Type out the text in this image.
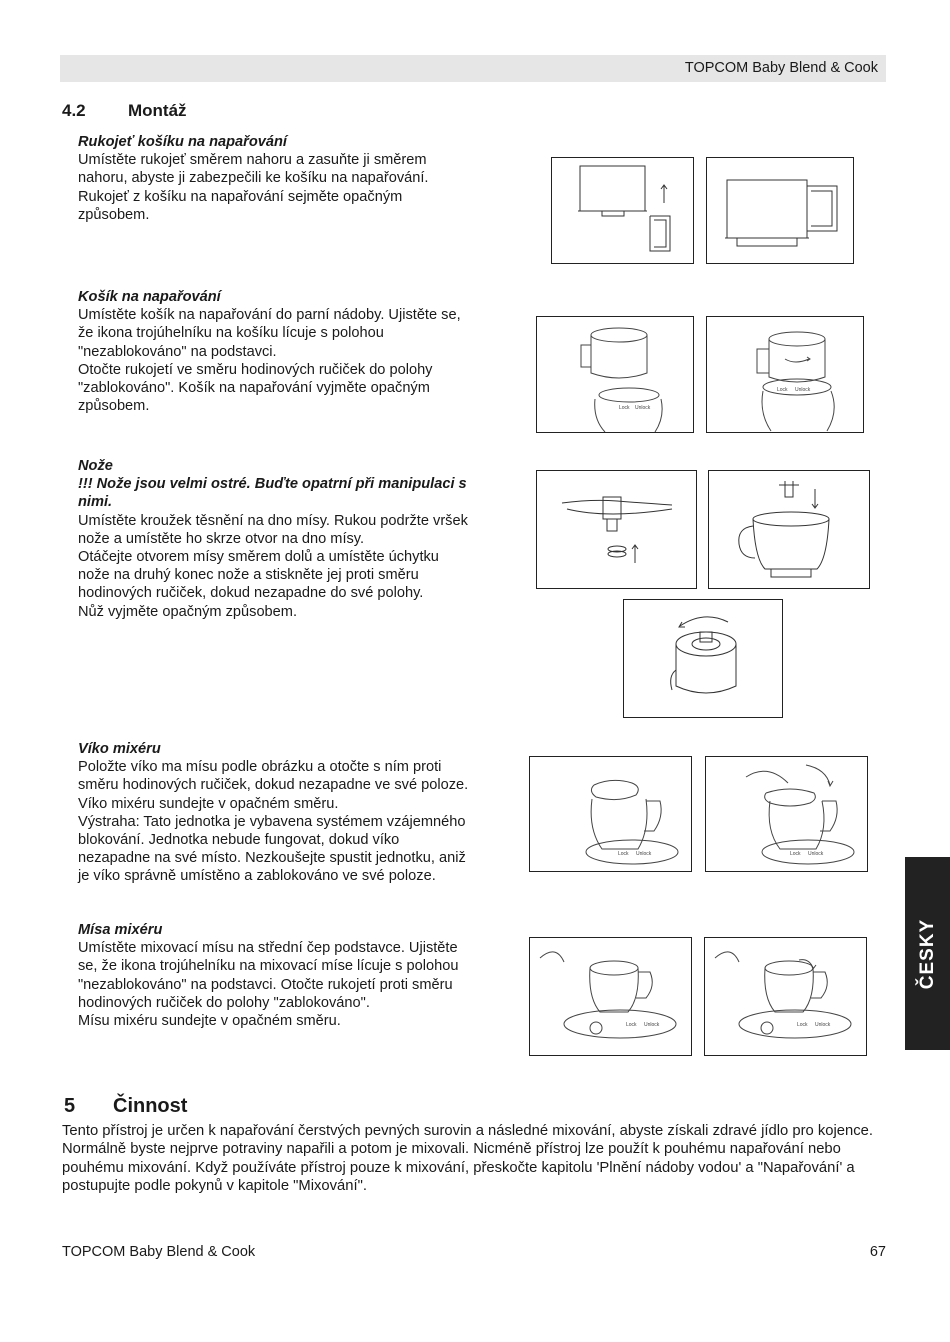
TOPCOM Baby Blend & Cook
4.2 Montáž
Rukojeť košíku na napařování

Umístěte rukojeť směrem nahoru a zasuňte ji směrem
nahoru, abyste ji zabezpečili ke košíku na napařování.
Rukojeť z košíku na napařování sejměte opačným
způsobem.

Košík na napařování

Umístěte košík na napařování do parní nádoby. Ujistěte se,
že ikona trojúhelníku na košíku lícuje s polohou
"nezablokováno" na podstavci.
Otočte rukojetí ve směru hodinových ručiček do polohy
"zablokováno". Košík na napařování vyjměte opačným
způsobem.

Nože

!!! Nože jsou velmi ostré. Buďte opatrní při manipulaci s
nimi.

Umístěte kroužek těsnění na dno mísy. Rukou podržte vršek
nože a umístěte ho skrze otvor na dno mísy.
Otáčejte otvorem mísy směrem dolů a umístěte úchytku
nože na druhý konec nože a stiskněte jej proti směru
hodinových ručiček, dokud nezapadne do své polohy.
Nůž vyjměte opačným způsobem.

Víko mixéru

Položte víko ma mísu podle obrázku a otočte s ním proti
směru hodinových ručiček, dokud nezapadne ve své poloze.
Víko mixéru sundejte v opačném směru.
Výstraha: Tato jednotka je vybavena systémem vzájemného
blokování. Jednotka nebude fungovat, dokud víko
nezapadne na své místo. Nezkoušejte spustit jednotku, aniž
je víko správně umístěno a zablokováno ve své poloze.

Mísa mixéru

Umístěte mixovací mísu na střední čep podstavce. Ujistěte
se, že ikona trojúhelníku na mixovací míse lícuje s polohou
"nezablokováno" na podstavci. Otočte rukojetí proti směru
hodinových ručiček do polohy "zablokováno".
Mísu mixéru sundejte v opačném směru.

Lock Unlock
Lock Unlock
Lock Unlock	Lock Unlock
Lock Unlock	Lock Unlock
5 Činnost
Tento přístroj je určen k napařování čerstvých pevných surovin a následné mixování, abyste získali zdravé jídlo pro kojence. Normálně byste nejprve potraviny napařili a potom je mixovali. Nicméně přístroj lze použít k pouhému napařování nebo pouhému mixování. Když používáte přístroj pouze k mixování, přeskočte kapitolu 'Plnění nádoby vodou' a "Napařování' a postupujte podle pokynů v kapitole "Mixování".
ČESKY
TOPCOM Baby Blend & Cook	67
